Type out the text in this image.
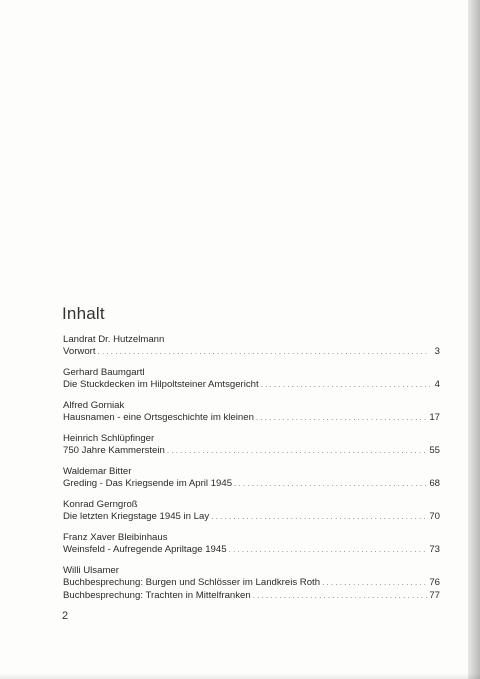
Inhalt
Landrat Dr. Hutzelmann
Vorwort .....	3
Gerhard Baumgartl
Die Stuckdecken im Hilpoltsteiner Amtsgericht .....	4
Alfred Gorniak
Hausnamen - eine Ortsgeschichte im kleinen .....	17
Heinrich Schlüpfinger
750 Jahre Kammerstein .....	55
Waldemar Bitter
Greding - Das Kriegsende im April 1945 .....	68
Konrad Gerngroß
Die letzten Kriegstage 1945 in Lay .....	70
Franz Xaver Bleibinhaus
Weinsfeld - Aufregende Apriltage 1945 .....	73
Willi Ulsamer
Buchbesprechung: Burgen und Schlösser im Landkreis Roth .....	76
Buchbesprechung: Trachten in Mittelfranken .....	77
2
